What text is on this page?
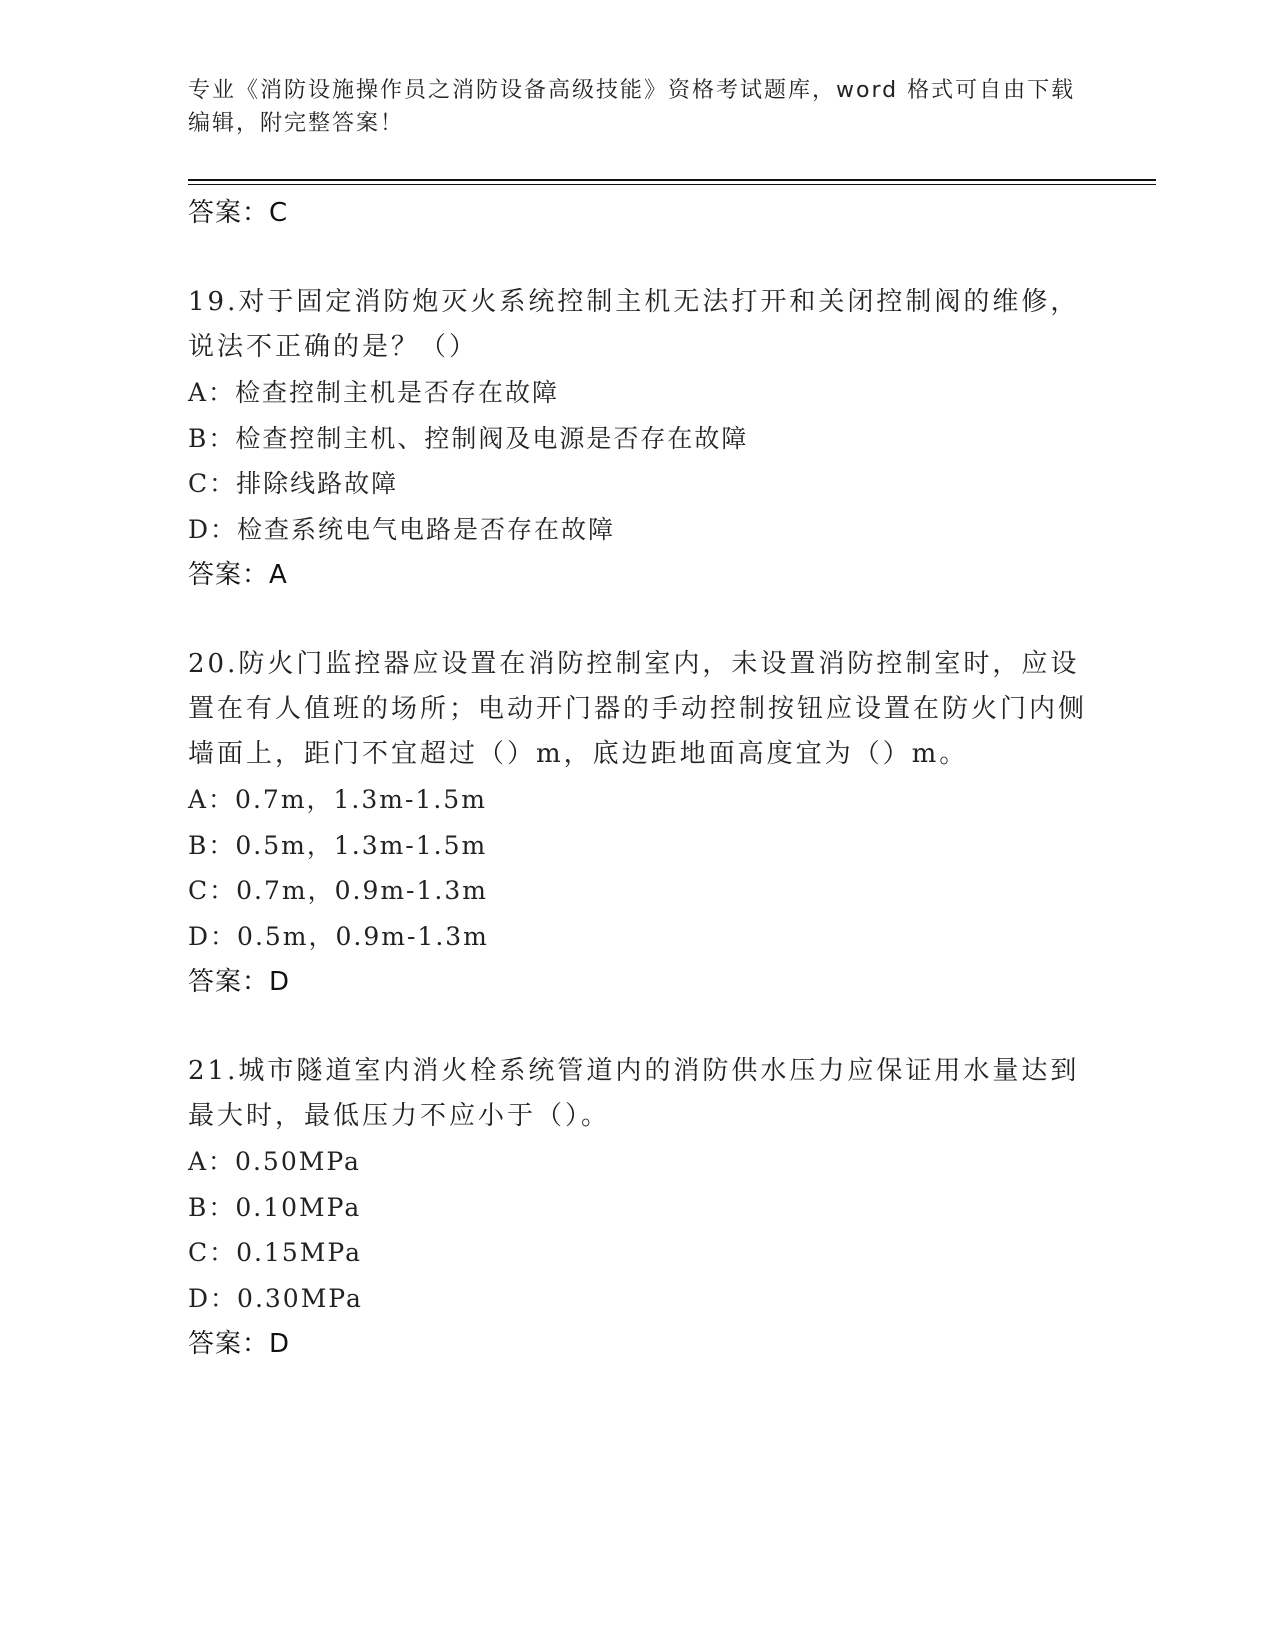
专业《消防设施操作员之消防设备高级技能》资格考试题库，word 格式可自由下载编辑，附完整答案！

答案：C

19.对于固定消防炮灭火系统控制主机无法打开和关闭控制阀的维修，说法不正确的是？（）

A：检查控制主机是否存在故障

B：检查控制主机、控制阀及电源是否存在故障

C：排除线路故障

D：检查系统电气电路是否存在故障

答案：A

20.防火门监控器应设置在消防控制室内，未设置消防控制室时，应设置在有人值班的场所；电动开门器的手动控制按钮应设置在防火门内侧墙面上，距门不宜超过（）m，底边距地面高度宜为（）m。

A：0.7m，1.3m-1.5m

B：0.5m，1.3m-1.5m

C：0.7m，0.9m-1.3m

D：0.5m，0.9m-1.3m

答案：D

21.城市隧道室内消火栓系统管道内的消防供水压力应保证用水量达到最大时，最低压力不应小于（）。

A：0.50MPa

B：0.10MPa

C：0.15MPa

D：0.30MPa

答案：D
